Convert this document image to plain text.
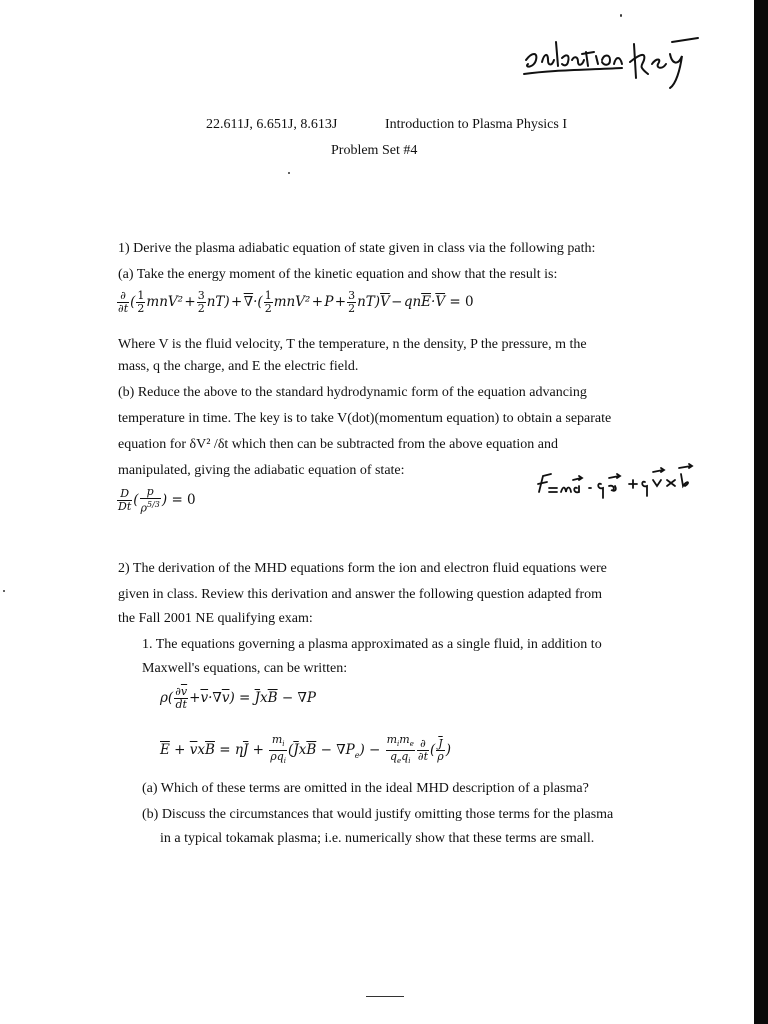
22.611J, 6.651J, 8.613J	Introduction to Plasma Physics I
Problem Set #4
1) Derive the plasma adiabatic equation of state given in class via the following path:
(a) Take the energy moment of the kinetic equation and show that the result is:
$\frac{\partial}{\partial t}$ ( $\frac{1}{2} mnV^2$ + $\frac{3}{2} nT$) + ∇·( $\frac{1}{2} mnV^2$ + P + $\frac{3}{2} nT)\overline{V}$ − $qn\overline{E}\cdot\overline{V} = 0$
Where V is the fluid velocity, T the temperature, n the density, P the pressure, m the
mass, q the charge, and E the electric field.
(b) Reduce the above to the standard hydrodynamic form of the equation advancing
temperature in time. The key is to take V(dot)(momentum equation) to obtain a separate
equation for δV² /δt which then can be subtracted from the above equation and
manipulated, giving the adiabatic equation of state:
$\frac{D}{Dt}$ ( $\frac{p}{\rho^{5/3}}$ ) = 0
2) The derivation of the MHD equations form the ion and electron fluid equations were
given in class. Review this derivation and answer the following question adapted from
the Fall 2001 NE qualifying exam:
1. The equations governing a plasma approximated as a single fluid, in addition to
Maxwell's equations, can be written:
$\rho( \frac{\partial\overline{v}}{dt} +\overline{v}\cdot\nabla\overline{v}) = \overline{J}x\overline{B} - \nabla P$
$\overline{E} + \overline{v}x\overline{B} = \eta\overline{J} + \frac{m_i}{\rho q_i} (\overline{J}x\overline{B} - \nabla P_e) - \frac{m_im_e}{q_eq_i} \frac{\partial}{\partial t}$ ( $\frac{\overline{J}}{\rho}$ )
(a) Which of these terms are omitted in the ideal MHD description of a plasma?
(b) Discuss the circumstances that would justify omitting those terms for the plasma
in a typical tokamak plasma; i.e. numerically show that these terms are small.
